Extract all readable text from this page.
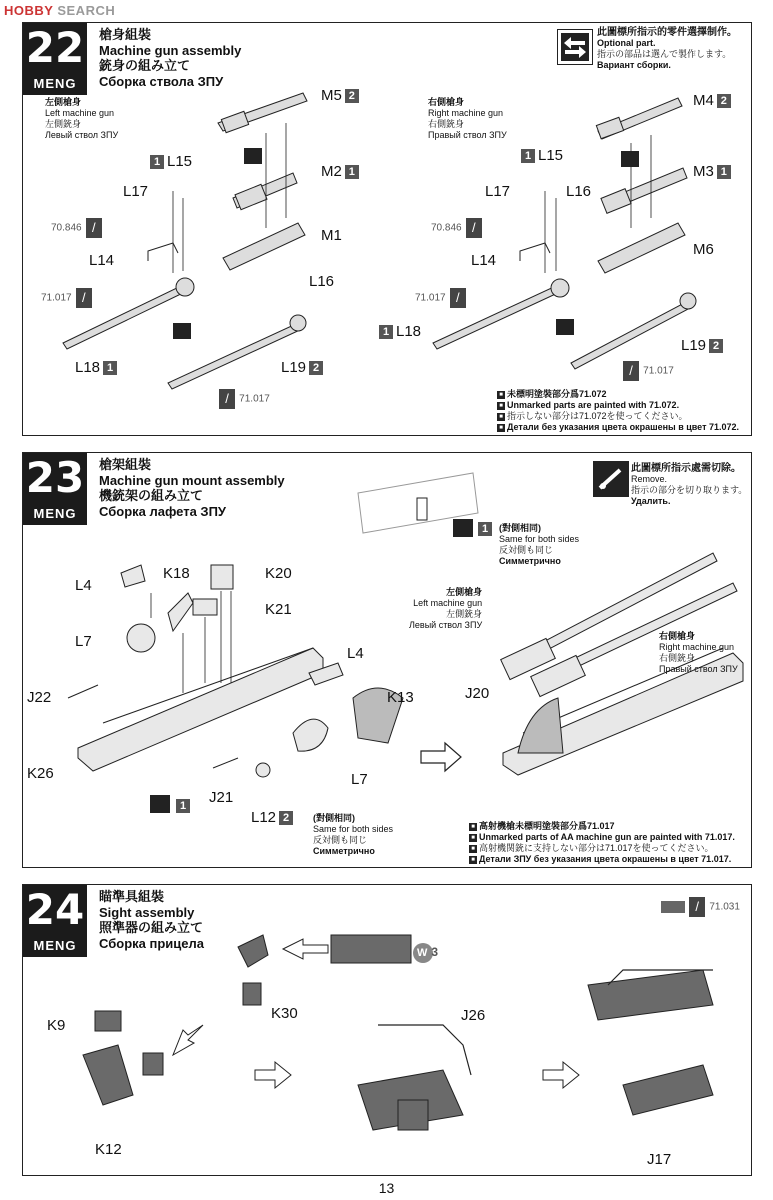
HOBBY SEARCH
22
MENG
槍身組裝
Machine gun assembly
銃身の組み立て
Сборка ствола ЗПУ
此圖標所指示的零件選擇制作。
Optional part.
指示の部品は選んで製作します。
Вариант сборки.
左側槍身
Left machine gun
左側銃身
Левый ствол ЗПУ
右側槍身
Right machine gun
右側銃身
Правый ствол ЗПУ
M5 2
1 L15
L17
M2 1
M1
L14
L16
L18 1	L19 2
70.846 /
71.017 /
/ 71.017
M4 2
1 L15
L17	L16
M3 1
M6
L14
1 L18
L19 2
70.846 /
71.017 /
/ 71.017
■ 未標明塗裝部分爲71.072
■ Unmarked parts are painted with 71.072.
■ 指示しない部分は71.072を使ってください。
■ Детали без указания цвета окрашены в цвет 71.072.
23
MENG
槍架組裝
Machine gun mount assembly
機銃架の組み立て
Сборка лафета ЗПУ
此圖標所指示處需切除。
Remove.
指示の部分を切り取ります。
Удалить.
L4
K18	K20
K21
L7
L4
J22	K13
K26	L7
J21
J20
1
L12 2	(對側相同)
Same for both sides
反対側も同じ
Симметрично
1	(對側相同)
Same for both sides
反対側も同じ
Симметрично
左側槍身
Left machine gun
左側銃身
Левый ствол ЗПУ
右側槍身
Right machine gun
右側銃身
Правый ствол ЗПУ
■ 高射機槍未標明塗裝部分爲71.017
■ Unmarked parts of AA machine gun are painted with 71.017.
■ 高射機関銃に支持しない部分は71.017を使ってください。
■ Детали ЗПУ без указания цвета окрашены в цвет 71.017.
24
MENG
瞄準具組裝
Sight assembly
照準器の組み立て
Сборка прицела
/ 71.031
W 3
K30
K9
J26
K12
J17
13
